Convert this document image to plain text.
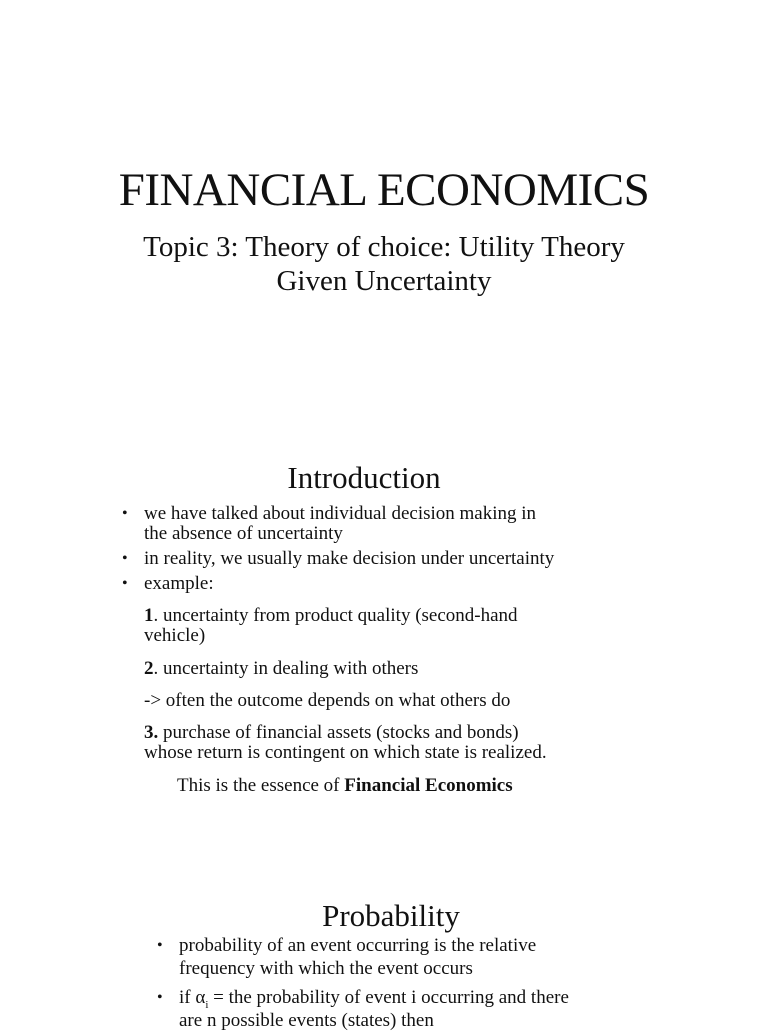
FINANCIAL ECONOMICS
Topic 3: Theory of choice: Utility Theory
Given Uncertainty
Introduction
• we have talked about individual decision making in
the absence of uncertainty
• in reality, we usually make decision under uncertainty
• example:
1. uncertainty from product quality (second-hand
vehicle)
2. uncertainty in dealing with others
-> often the outcome depends on what others do
3. purchase of financial assets (stocks and bonds)
whose return is contingent on which state is realized.
This is the essence of Financial Economics
Probability
• probability of an event occurring is the relative
frequency with which the event occurs
• if $\alpha_i$ = the probability of event i occurring and there
are n possible events (states) then
